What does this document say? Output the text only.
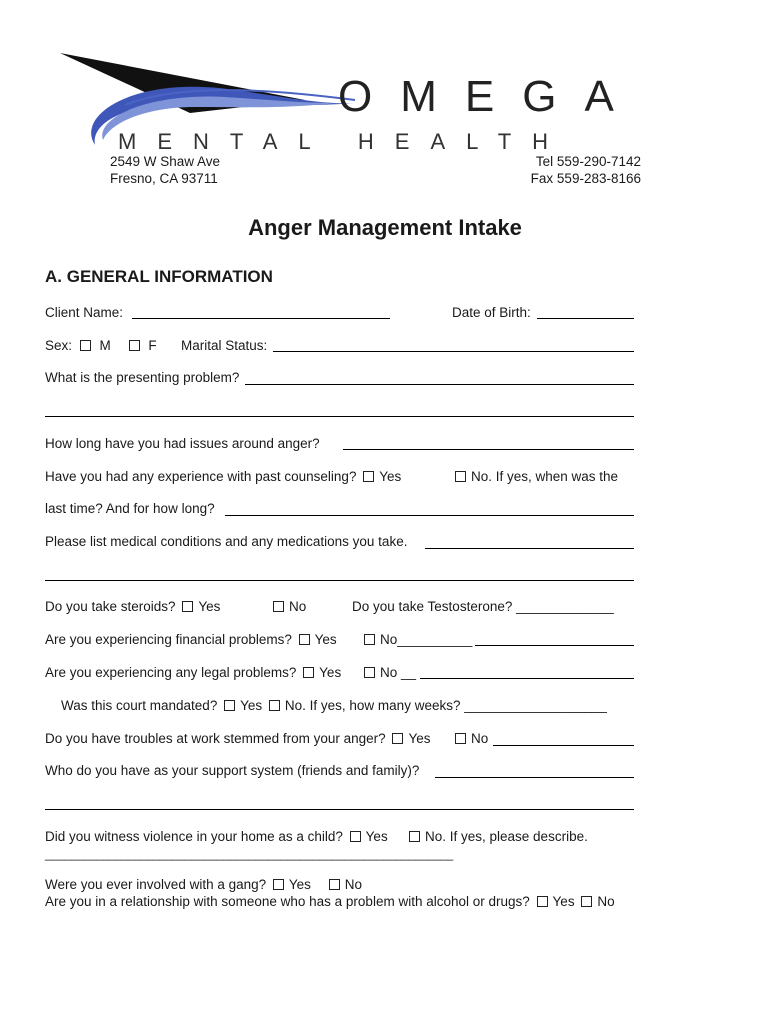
OMEGA
MENTAL HEALTH
2549 W Shaw Ave
Fresno, CA 93711
Tel 559-290-7142
Fax 559-283-8166
Anger Management Intake
A. GENERAL INFORMATION
Client Name:	Date of Birth:
Sex: M	F Marital Status:
What is the presenting problem?
How long have you had issues around anger?
Have you had any experience with past counseling? Yes	No. If yes, when was the
last time? And for how long?
Please list medical conditions and any medications you take.
Do you take steroids? Yes	No	Do you take Testosterone? _____________
Are you experiencing financial problems? Yes	No__________
Are you experiencing any legal problems? Yes	No __
Was this court mandated? Yes No. If yes, how many weeks? ___________________
Do you have troubles at work stemmed from your anger? Yes	No
Who do you have as your support system (friends and family)?
Did you witness violence in your home as a child? Yes	No. If yes, please describe.
________________________________________________________________
Were you ever involved with a gang? Yes	No
Are you in a relationship with someone who has a problem with alcohol or drugs? Yes No
